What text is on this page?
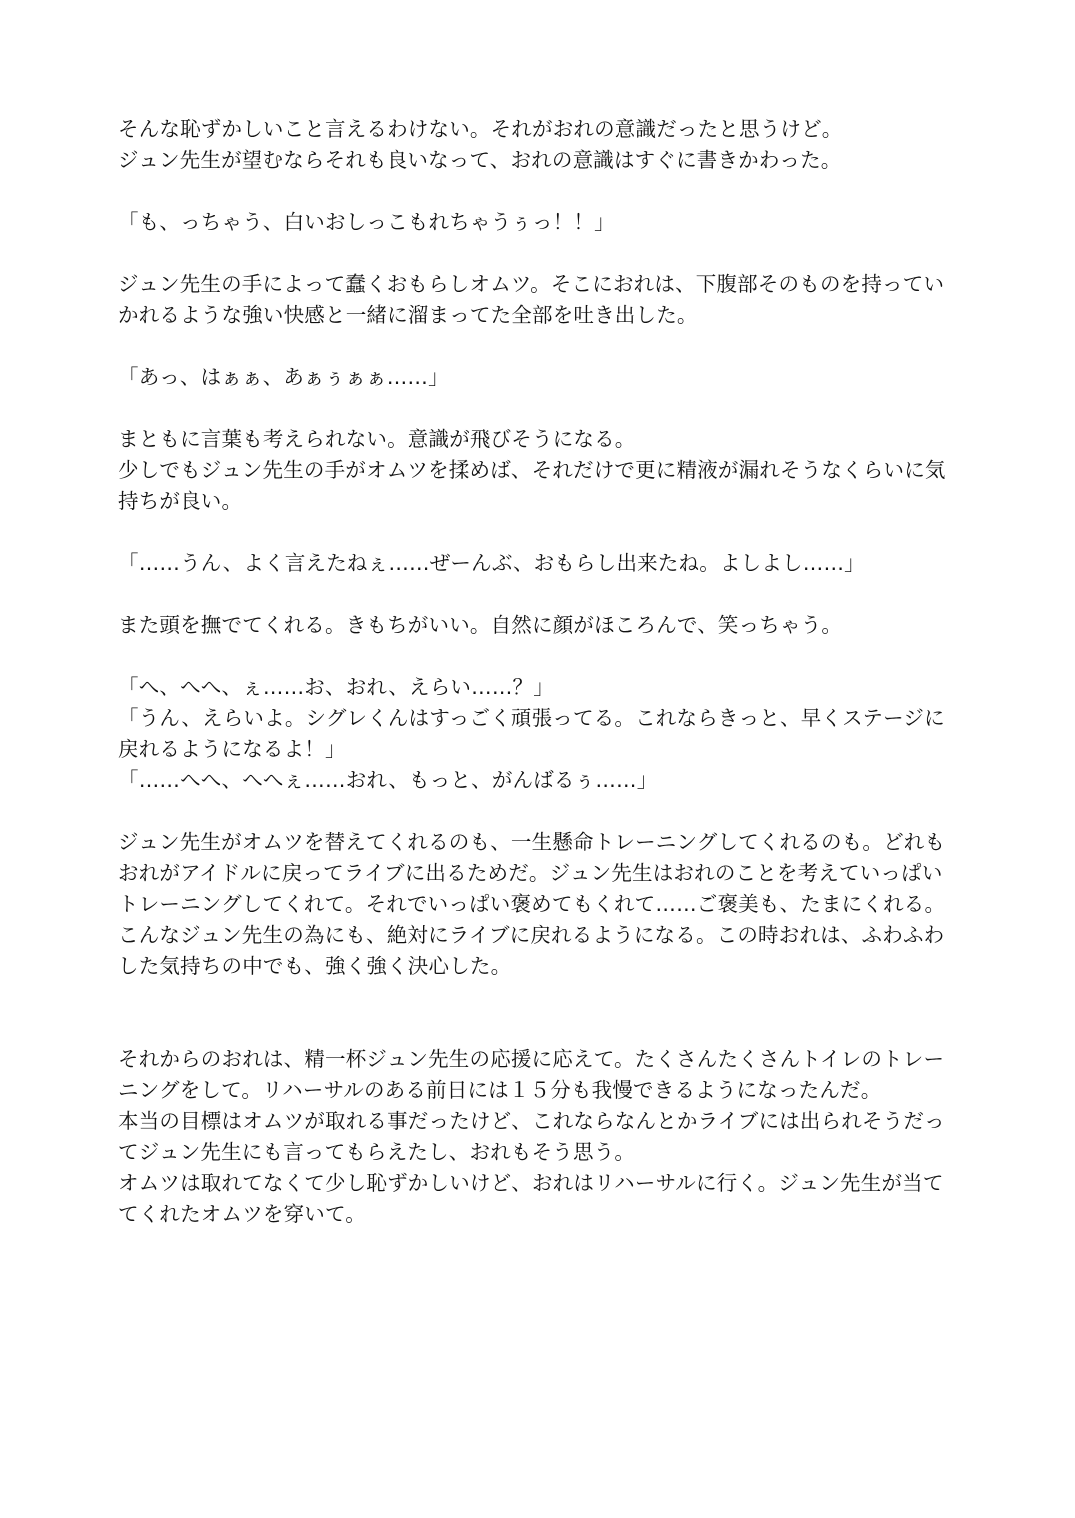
そんな恥ずかしいこと言えるわけない。それがおれの意識だったと思うけど。
ジュン先生が望むならそれも良いなって、おれの意識はすぐに書きかわった。
「も、っちゃう、白いおしっこもれちゃうぅっ！！」
ジュン先生の手によって蠢くおもらしオムツ。そこにおれは、下腹部そのものを持ってい
かれるような強い快感と一緒に溜まってた全部を吐き出した。
「あっ、はぁぁ、あぁぅぁぁ……」
まともに言葉も考えられない。意識が飛びそうになる。
少しでもジュン先生の手がオムツを揉めば、それだけで更に精液が漏れそうなくらいに気
持ちが良い。
「……うん、よく言えたねぇ……ぜーんぶ、おもらし出来たね。よしよし……」
また頭を撫でてくれる。きもちがいい。自然に顔がほころんで、笑っちゃう。
「へ、へへ、ぇ……お、おれ、えらい……？」
「うん、えらいよ。シグレくんはすっごく頑張ってる。これならきっと、早くステージに
戻れるようになるよ！」
「……へへ、へへぇ……おれ、もっと、がんばるぅ……」
ジュン先生がオムツを替えてくれるのも、一生懸命トレーニングしてくれるのも。どれも
おれがアイドルに戻ってライブに出るためだ。ジュン先生はおれのことを考えていっぱい
トレーニングしてくれて。それでいっぱい褒めてもくれて……ご褒美も、たまにくれる。
こんなジュン先生の為にも、絶対にライブに戻れるようになる。この時おれは、ふわふわ
した気持ちの中でも、強く強く決心した。
それからのおれは、精一杯ジュン先生の応援に応えて。たくさんたくさんトイレのトレー
ニングをして。リハーサルのある前日には１５分も我慢できるようになったんだ。
本当の目標はオムツが取れる事だったけど、これならなんとかライブには出られそうだっ
てジュン先生にも言ってもらえたし、おれもそう思う。
オムツは取れてなくて少し恥ずかしいけど、おれはリハーサルに行く。ジュン先生が当て
てくれたオムツを穿いて。
